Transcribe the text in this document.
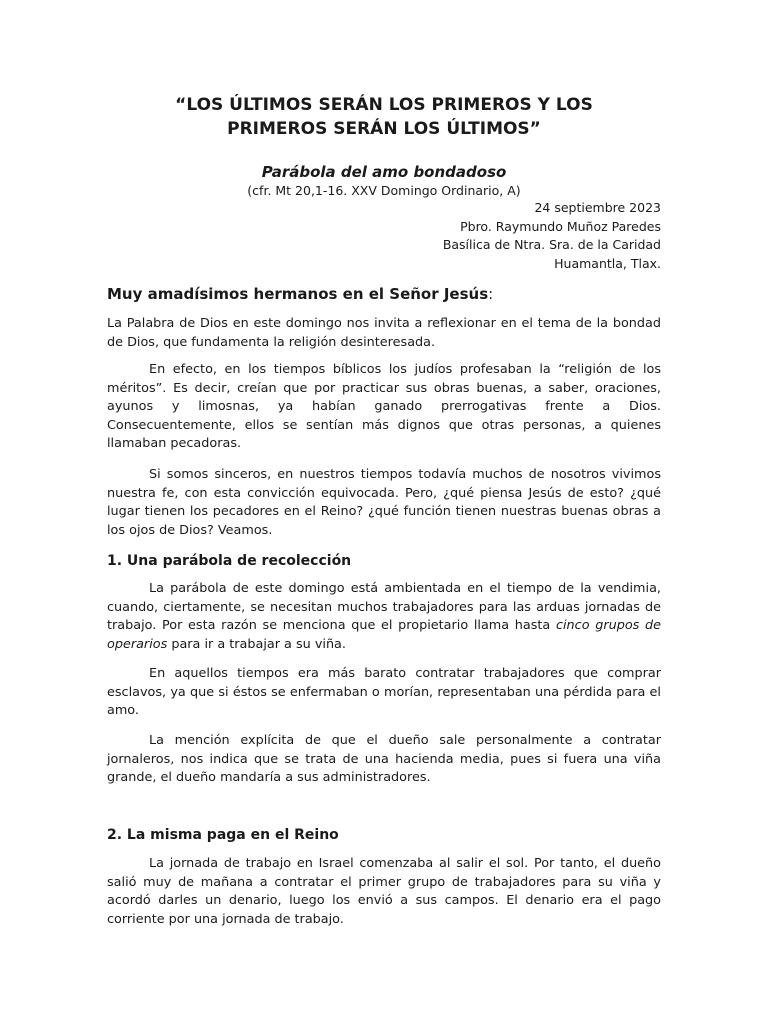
“LOS ÚLTIMOS SERÁN LOS PRIMEROS Y LOS
PRIMEROS SERÁN LOS ÚLTIMOS”

Parábola del amo bondadoso

(cfr. Mt 20,1-16. XXV Domingo Ordinario, A)

24 septiembre 2023
Pbro. Raymundo Muñoz Paredes
Basílica de Ntra. Sra. de la Caridad
Huamantla, Tlax.

Muy amadísimos hermanos en el Señor Jesús:

La Palabra de Dios en este domingo nos invita a reflexionar en el tema de la bondad de Dios, que fundamenta la religión desinteresada.

En efecto, en los tiempos bíblicos los judíos profesaban la “religión de los méritos”. Es decir, creían que por practicar sus obras buenas, a saber, oraciones, ayunos y limosnas, ya habían ganado prerrogativas frente a Dios. Consecuentemente, ellos se sentían más dignos que otras personas, a quienes llamaban pecadoras.

Si somos sinceros, en nuestros tiempos todavía muchos de nosotros vivimos nuestra fe, con esta convicción equivocada. Pero, ¿qué piensa Jesús de esto? ¿qué lugar tienen los pecadores en el Reino? ¿qué función tienen nuestras buenas obras a los ojos de Dios? Veamos.

1. Una parábola de recolección

La parábola de este domingo está ambientada en el tiempo de la vendimia, cuando, ciertamente, se necesitan muchos trabajadores para las arduas jornadas de trabajo. Por esta razón se menciona que el propietario llama hasta cinco grupos de operarios para ir a trabajar a su viña.

En aquellos tiempos era más barato contratar trabajadores que comprar esclavos, ya que si éstos se enfermaban o morían, representaban una pérdida para el amo.

La mención explícita de que el dueño sale personalmente a contratar jornaleros, nos indica que se trata de una hacienda media, pues si fuera una viña grande, el dueño mandaría a sus administradores.

2. La misma paga en el Reino

La jornada de trabajo en Israel comenzaba al salir el sol. Por tanto, el dueño salió muy de mañana a contratar el primer grupo de trabajadores para su viña y acordó darles un denario, luego los envió a sus campos. El denario era el pago corriente por una jornada de trabajo.
